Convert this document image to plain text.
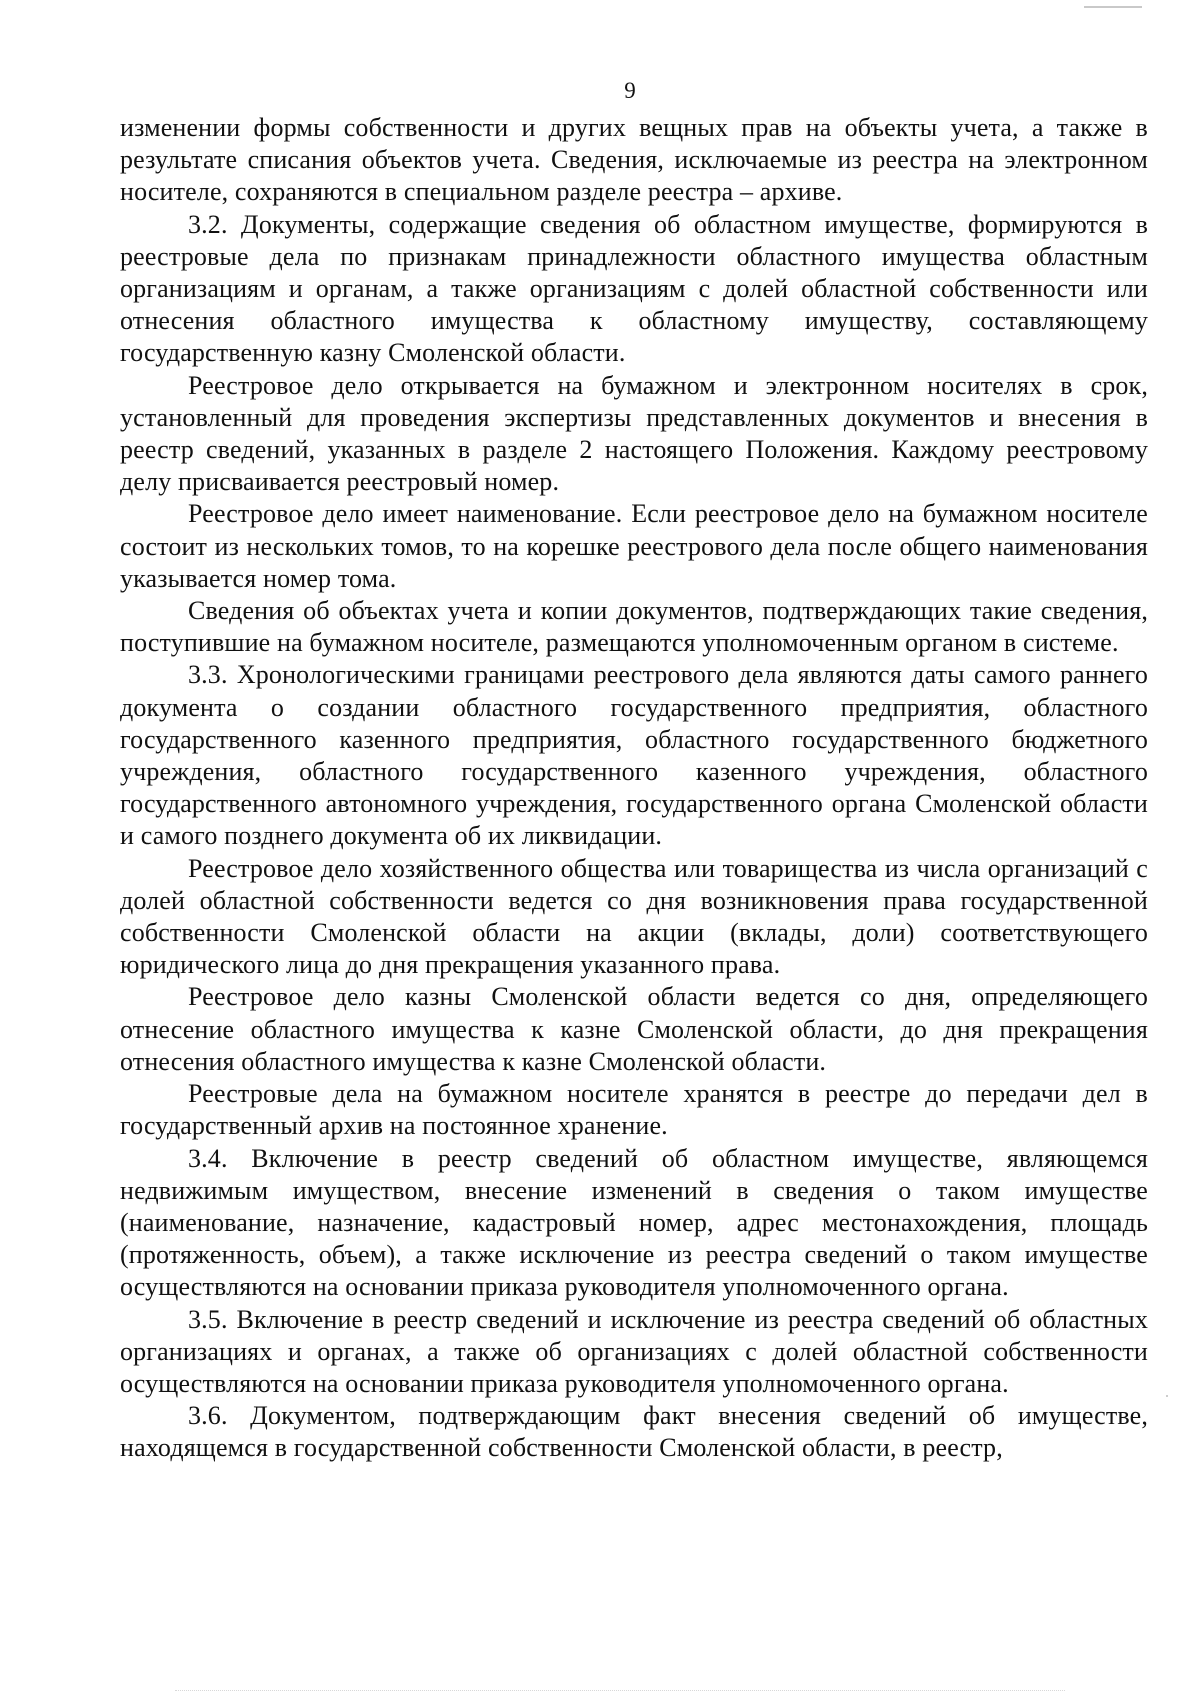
9

изменении формы собственности и других вещных прав на объекты учета, а также в результате списания объектов учета. Сведения, исключаемые из реестра на электронном носителе, сохраняются в специальном разделе реестра – архиве.

3.2. Документы, содержащие сведения об областном имуществе, формируются в реестровые дела по признакам принадлежности областного имущества областным организациям и органам, а также организациям с долей областной собственности или отнесения областного имущества к областному имуществу, составляющему государственную казну Смоленской области.

Реестровое дело открывается на бумажном и электронном носителях в срок, установленный для проведения экспертизы представленных документов и внесения в реестр сведений, указанных в разделе 2 настоящего Положения. Каждому реестровому делу присваивается реестровый номер.

Реестровое дело имеет наименование. Если реестровое дело на бумажном носителе состоит из нескольких томов, то на корешке реестрового дела после общего наименования указывается номер тома.

Сведения об объектах учета и копии документов, подтверждающих такие сведения, поступившие на бумажном носителе, размещаются уполномоченным органом в системе.

3.3. Хронологическими границами реестрового дела являются даты самого раннего документа о создании областного государственного предприятия, областного государственного казенного предприятия, областного государственного бюджетного учреждения, областного государственного казенного учреждения, областного государственного автономного учреждения, государственного органа Смоленской области и самого позднего документа об их ликвидации.

Реестровое дело хозяйственного общества или товарищества из числа организаций с долей областной собственности ведется со дня возникновения права государственной собственности Смоленской области на акции (вклады, доли) соответствующего юридического лица до дня прекращения указанного права.

Реестровое дело казны Смоленской области ведется со дня, определяющего отнесение областного имущества к казне Смоленской области, до дня прекращения отнесения областного имущества к казне Смоленской области.

Реестровые дела на бумажном носителе хранятся в реестре до передачи дел в государственный архив на постоянное хранение.

3.4. Включение в реестр сведений об областном имуществе, являющемся недвижимым имуществом, внесение изменений в сведения о таком имуществе (наименование, назначение, кадастровый номер, адрес местонахождения, площадь (протяженность, объем), а также исключение из реестра сведений о таком имуществе осуществляются на основании приказа руководителя уполномоченного органа.

3.5. Включение в реестр сведений и исключение из реестра сведений об областных организациях и органах, а также об организациях с долей областной собственности осуществляются на основании приказа руководителя уполномоченного органа.

3.6. Документом, подтверждающим факт внесения сведений об имуществе, находящемся в государственной собственности Смоленской области, в реестр,
